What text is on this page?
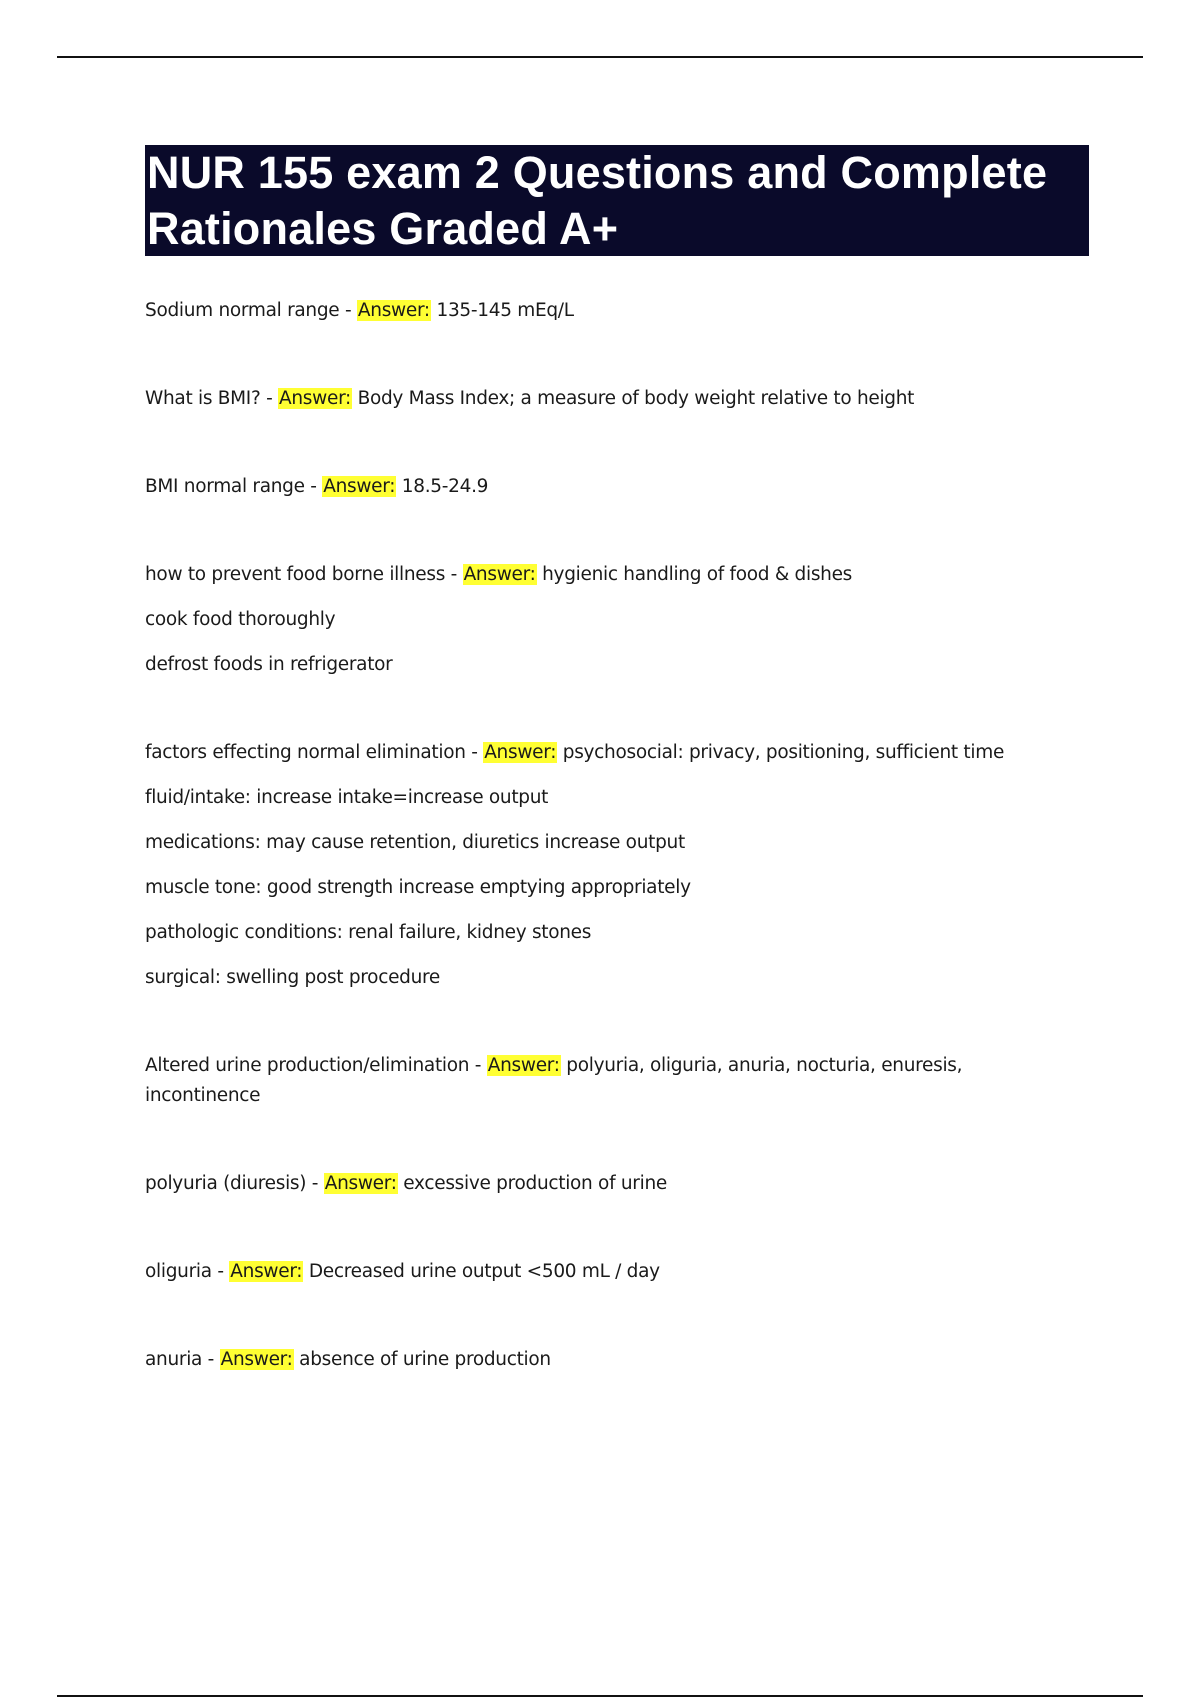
NUR 155 exam 2 Questions and Complete Rationales Graded A+
Sodium normal range - Answer: 135-145 mEq/L
What is BMI? - Answer: Body Mass Index; a measure of body weight relative to height
BMI normal range - Answer: 18.5-24.9
how to prevent food borne illness - Answer: hygienic handling of food & dishes
cook food thoroughly
defrost foods in refrigerator
factors effecting normal elimination - Answer: psychosocial: privacy, positioning, sufficient time
fluid/intake: increase intake=increase output
medications: may cause retention, diuretics increase output
muscle tone: good strength increase emptying appropriately
pathologic conditions: renal failure, kidney stones
surgical: swelling post procedure
Altered urine production/elimination - Answer: polyuria, oliguria, anuria, nocturia, enuresis, incontinence
polyuria (diuresis) - Answer: excessive production of urine
oliguria - Answer: Decreased urine output <500 mL / day
anuria - Answer: absence of urine production
